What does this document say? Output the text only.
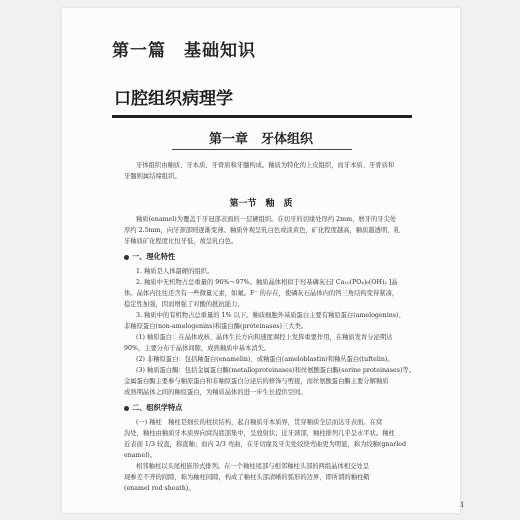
第一篇　基础知识
口腔组织病理学
第一章　牙体组织
牙体组织由釉质、牙本质、牙骨质和牙髓构成。釉质为特化的上皮组织，而牙本质、牙骨质和
牙髓则属结缔组织。
第一节　釉　质
釉质(enamel)为覆盖于牙冠部表面的一层硬组织。在切牙的切缘处厚约 2mm，磨牙的牙尖处
厚约 2.5mm，向牙颈部则逐渐变薄。釉质外观呈乳白色或淡黄色，矿化程度越高，釉质越透明，乳
牙釉质矿化程度比恒牙低，故呈乳白色。
一、理化特性
1. 釉质是人体最硬的组织。
2. 釉质中无机物占总重量的 96%～97%。釉质晶体相似于羟基磷灰石[ Ca₁₀(PO₄)₆(OH)₂ ]晶
体。晶体内往往还含有一些微量元素，如氟。F⁻ 的存在，使磷灰石晶体内的钙三角结构变得紧凑，
稳定性加强，因而增强了对酸的抵抗能力。
3. 釉质中的有机物占总重量的 1% 以下。釉质细胞外基质蛋白主要有釉原蛋白(amelogenins)、
非釉原蛋白(non-amelogenins)和蛋白酶(proteinases)三大类。
(1) 釉原蛋白：在晶体成核、晶体生长方向和速度调控上发挥重要作用，在釉质发育分泌期达
90%，主要分布于晶体间隙，成熟釉质中基本消失。
(2) 非釉原蛋白：包括釉蛋白(enamelin)、成釉蛋白(ameloblastin)和釉丛蛋白(tuftelin)。
(3) 釉质蛋白酶：包括金属蛋白酶(metalloproteinases)和丝氨酸蛋白酶(serine proteinases)等。
金属蛋白酶主要参与釉原蛋白和非釉原蛋白分泌后的修饰与剪接，而丝氨酸蛋白酶主要分解釉质
成熟期晶体之间的釉原蛋白，为釉质晶体的进一步生长提供空间。
二、组织学特点
(一) 釉柱　釉柱是细长的柱状结构，起自釉质牙本质界，贯穿釉质全层而达牙表面。在窝
沟处，釉柱由釉质牙本质界向窝沟底部集中，呈放射状；近牙颈部，釉柱排列几乎呈水平状。釉柱
近表面 1/3 较直，称直釉；而内 2/3 弯曲，在牙切缘及牙尖处绞绕弯曲更为明显，称为绞釉(gnarled
enamel)。
相邻釉柱以头尾相嵌形式排列。在一个釉柱尾部与相邻釉柱头部的两组晶体相交处呈
现参差不齐的间隙，称为釉柱间隙，构成了釉柱头部清晰的弧形的边界，即所谓的釉柱鞘
(enamel rod sheath)。
1
